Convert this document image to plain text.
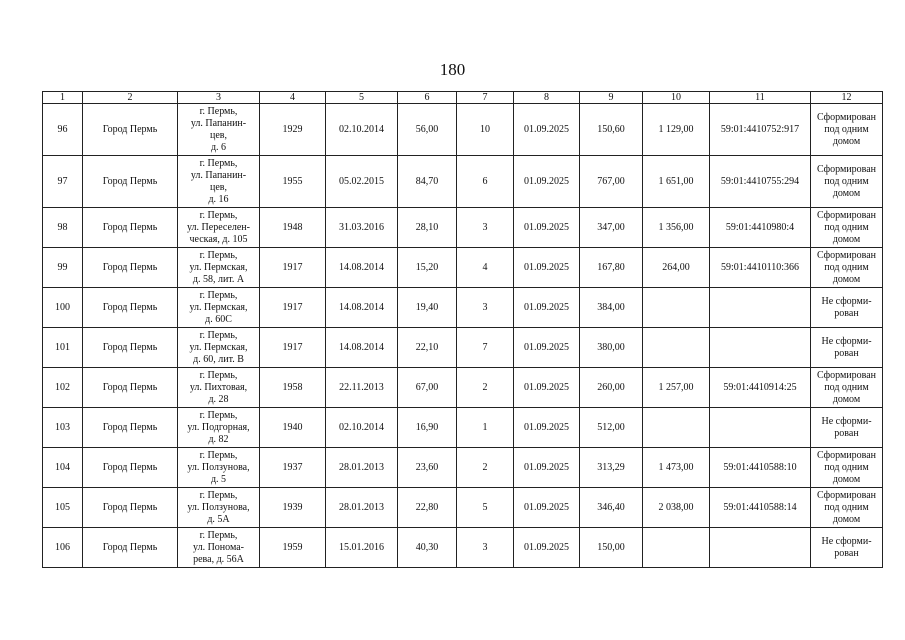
180
1	2	3	4	5	6	7	8	9	10	11	12
96	Город Пермь	г. Пермь,
ул. Папанин-
цев,
д. 6	1929	02.10.2014	56,00	10	01.09.2025	150,60	1 129,00	59:01:4410752:917	Сформирован
под одним
домом
97	Город Пермь	г. Пермь,
ул. Папанин-
цев,
д. 16	1955	05.02.2015	84,70	6	01.09.2025	767,00	1 651,00	59:01:4410755:294	Сформирован
под одним
домом
98	Город Пермь	г. Пермь,
ул. Переселен-
ческая, д. 105	1948	31.03.2016	28,10	3	01.09.2025	347,00	1 356,00	59:01:4410980:4	Сформирован
под одним
домом
99	Город Пермь	г. Пермь,
ул. Пермская,
д. 58, лит. А	1917	14.08.2014	15,20	4	01.09.2025	167,80	264,00	59:01:4410110:366	Сформирован
под одним
домом
100	Город Пермь	г. Пермь,
ул. Пермская,
д. 60С	1917	14.08.2014	19,40	3	01.09.2025	384,00			Не сформи-
рован
101	Город Пермь	г. Пермь,
ул. Пермская,
д. 60, лит. В	1917	14.08.2014	22,10	7	01.09.2025	380,00			Не сформи-
рован
102	Город Пермь	г. Пермь,
ул. Пихтовая,
д. 28	1958	22.11.2013	67,00	2	01.09.2025	260,00	1 257,00	59:01:4410914:25	Сформирован
под одним
домом
103	Город Пермь	г. Пермь,
ул. Подгорная,
д. 82	1940	02.10.2014	16,90	1	01.09.2025	512,00			Не сформи-
рован
104	Город Пермь	г. Пермь,
ул. Ползунова,
д. 5	1937	28.01.2013	23,60	2	01.09.2025	313,29	1 473,00	59:01:4410588:10	Сформирован
под одним
домом
105	Город Пермь	г. Пермь,
ул. Ползунова,
д. 5А	1939	28.01.2013	22,80	5	01.09.2025	346,40	2 038,00	59:01:4410588:14	Сформирован
под одним
домом
106	Город Пермь	г. Пермь,
ул. Понома-
рева, д. 56А	1959	15.01.2016	40,30	3	01.09.2025	150,00			Не сформи-
рован
